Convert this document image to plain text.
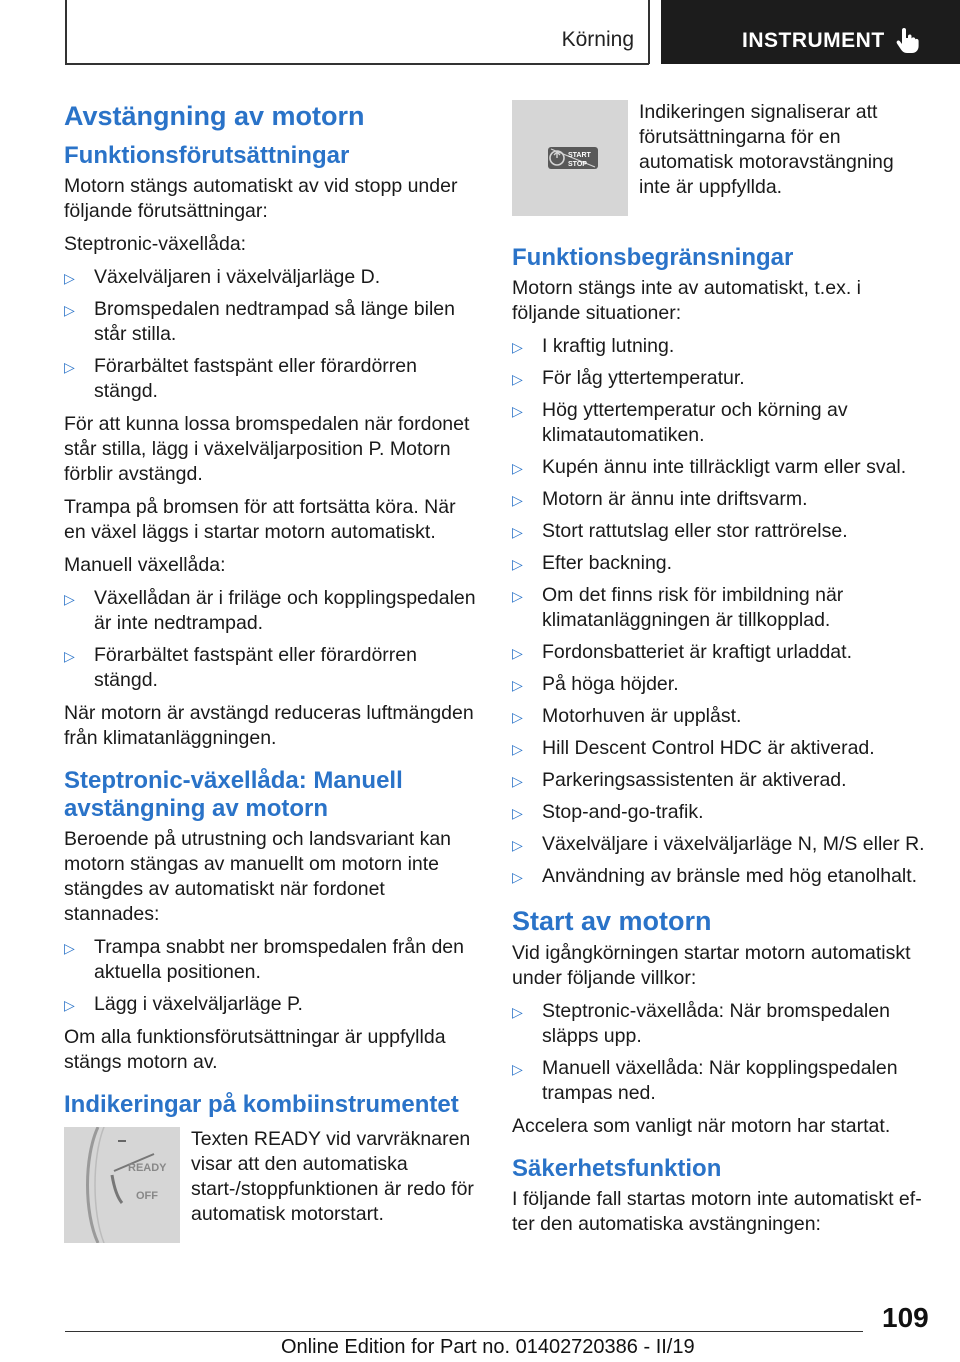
Körning	INSTRUMENT
Avstängning av motorn
Funktionsförutsättningar

Motorn stängs automatiskt av vid stopp under följande förutsättningar:

Steptronic-växellåda:

▷ Växelväljaren i växelväljarläge D.
▷ Bromspedalen nedtrampad så länge bilen står stilla.
▷ Förarbältet fastspänt eller förardörren stängd.

För att kunna lossa bromspedalen när fordonet står stilla, lägg i växelväljarposition P. Motorn förblir avstängd.

Trampa på bromsen för att fortsätta köra. När en växel läggs i startar motorn automatiskt.

Manuell växellåda:

▷ Växellådan är i friläge och kopplingspedalen är inte nedtrampad.
▷ Förarbältet fastspänt eller förardörren stängd.

När motorn är avstängd reduceras luftmängden från klimatanläggningen.

Steptronic-växellåda: Manuell avstängning av motorn

Beroende på utrustning och landsvariant kan motorn stängas av manuellt om motorn inte stängdes av automatiskt när fordonet stannades:

▷ Trampa snabbt ner bromspedalen från den aktuella positionen.
▷ Lägg i växelväljarläge P.

Om alla funktionsförutsättningar är uppfyllda stängs motorn av.

Indikeringar på kombiinstrumentet
READY
OFF
Texten READY vid varvräknaren visar att den automatiska start-/stoppfunktionen är redo för automatisk motorstart.
START
STOP
Indikeringen signaliserar att förutsättningarna för en automatisk motoravstängning inte är uppfyllda.
Funktionsbegränsningar

Motorn stängs inte av automatiskt, t.ex. i följande situationer:

▷ I kraftig lutning.
▷ För låg yttertemperatur.
▷ Hög yttertemperatur och körning av klimatautomatiken.
▷ Kupén ännu inte tillräckligt varm eller sval.
▷ Motorn är ännu inte driftsvarm.
▷ Stort rattutslag eller stor rattrörelse.
▷ Efter backning.
▷ Om det finns risk för imbildning när klimatanläggningen är tillkopplad.
▷ Fordonsbatteriet är kraftigt urladdat.
▷ På höga höjder.
▷ Motorhuven är upplåst.
▷ Hill Descent Control HDC är aktiverad.
▷ Parkeringsassistenten är aktiverad.
▷ Stop-and-go-trafik.
▷ Växelväljare i växelväljarläge N, M/S eller R.
▷ Användning av bränsle med hög etanolhalt.
Start av motorn

Vid igångkörningen startar motorn automatiskt under följande villkor:

▷ Steptronic-växellåda: När bromspedalen släpps upp.
▷ Manuell växellåda: När kopplingspedalen trampas ned.

Accelera som vanligt när motorn har startat.

Säkerhetsfunktion

I följande fall startas motorn inte automatiskt efter den automatiska avstängningen:

109
Online Edition for Part no. 01402720386 - II/19
